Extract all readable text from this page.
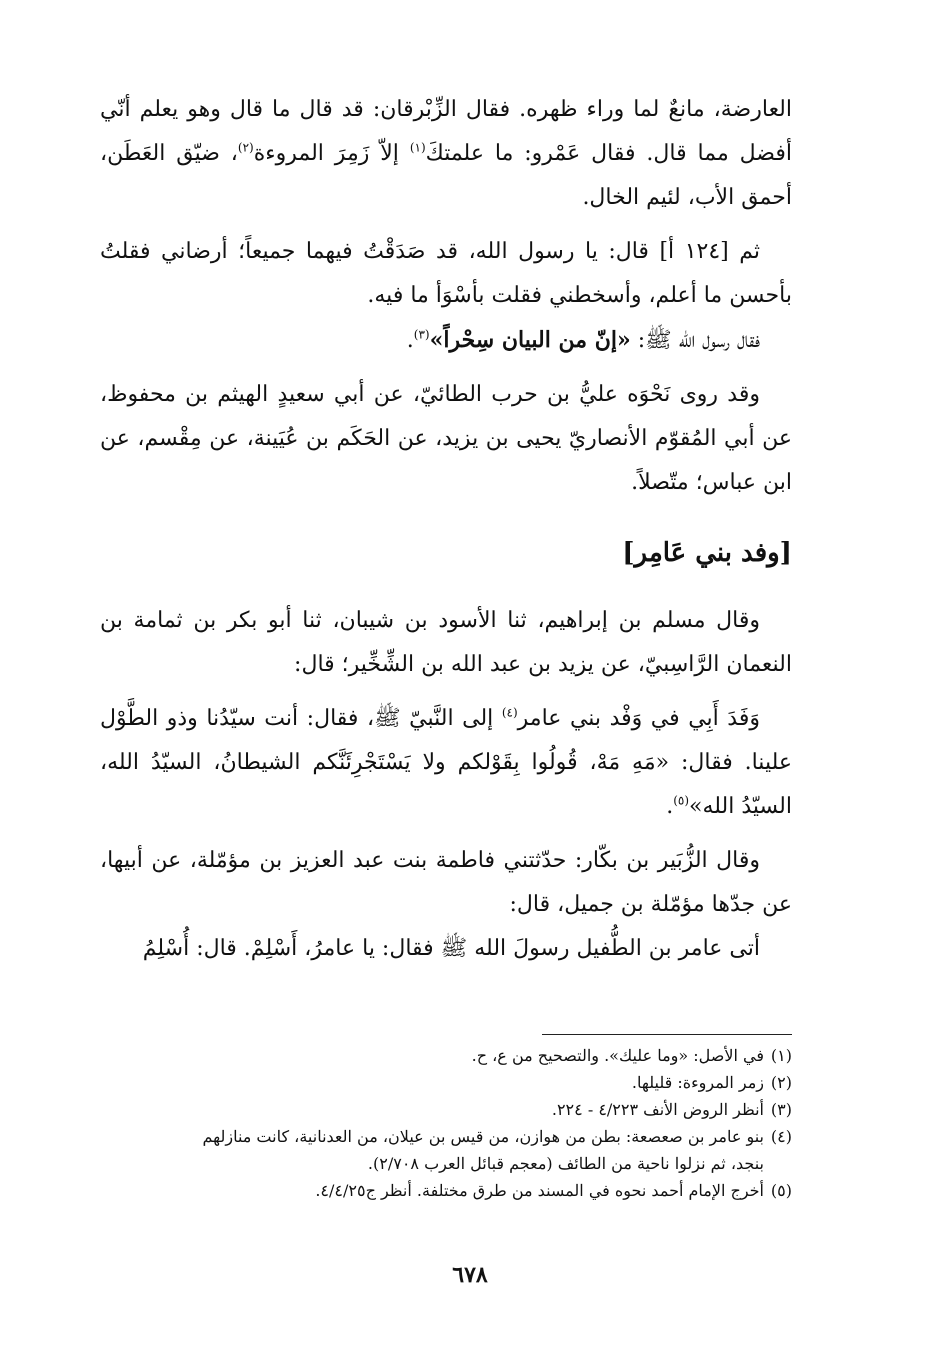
العارضة، مانعٌ لما وراء ظهره. فقال الزِّبْرقان: قد قال ما قال وهو يعلم أنّي أفضل مما قال. فقال عَمْرو: ما علمتكَ$^{(١)}$ إلاّ زَمِرَ المروءة$^{(٢)}$، ضيّق العَطَن، أحمق الأب، لئيم الخال.

ثم [١٢٤ أ] قال: يا رسول الله، قد صَدَقْتُ فيهما جميعاً؛ أرضاني فقلتُ بأحسن ما أعلم، وأسخطني فقلت بأسْوَأ ما فيه.

فقال رسول الله ﷺ: «إنّ من البيان سِحْراً»$^{(٣)}$.

وقد روى نَحْوَه عليُّ بن حرب الطائيّ، عن أبي سعيدٍ الهيثم بن محفوظ، عن أبي المُقوّم الأنصاريّ يحيى بن يزيد، عن الحَكَم بن عُيَينة، عن مِقْسم، عن ابن عباس؛ متّصلاً.

[وفد بني عَامِر]

وقال مسلم بن إبراهيم، ثنا الأسود بن شيبان، ثنا أبو بكر بن ثمامة بن النعمان الرَّاسِبيّ، عن يزيد بن عبد الله بن الشِّخِّير؛ قال:

وَفَدَ أَبِي في وَفْد بني عامر$^{(٤)}$ إلى النَّبيّ ﷺ، فقال: أنت سيّدُنا وذو الطَّوْل علينا. فقال: «مَهِ مَهْ، قُولُوا بِقَوْلكم ولا يَسْتَجْرِئَنَّكم الشيطانُ، السيّدُ الله، السيّدُ الله»$^{(٥)}$.

وقال الزُّبَير بن بكّار: حدّثتني فاطمة بنت عبد العزيز بن مؤمّلة، عن أبيها، عن جدّها مؤمّلة بن جميل، قال:

أتى عامر بن الطُّفيل رسولَ الله ﷺ فقال: يا عامرُ، أَسْلِمْ. قال: أُسْلِمُ

(١)في الأصل: «وما عليك». والتصحيح من ع، ح.

(٢)زمر المروءة: قليلها.

(٣)أنظر الروض الأنف ٤/٢٢٣ - ٢٢٤.

(٤)بنو عامر بن صعصعة: بطن من هوازن، من قيس بن عيلان، من العدنانية، كانت منازلهم

بنجد، ثم نزلوا ناحية من الطائف (معجم قبائل العرب ٢/٧٠٨).

(٥)أخرج الإمام أحمد نحوه في المسند من طرق مختلفة. أنظر ج٤/٤/٢٥.

٦٧٨
